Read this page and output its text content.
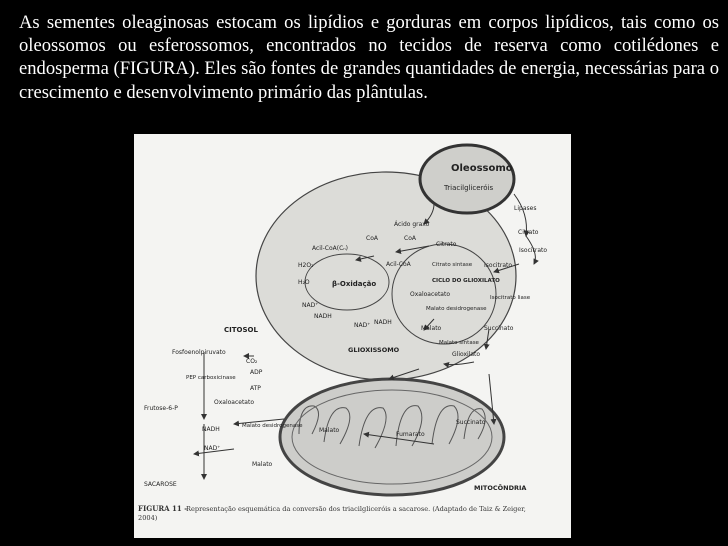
As sementes oleaginosas estocam os lipídios e gorduras em corpos lipídicos, tais como os oleossomos ou esferossomos, encontrados no tecidos de reserva como cotilédones e endosperma (FIGURA). Eles são fontes de grandes quantidades de energia, necessárias para o crescimento e desenvolvimento primário das plântulas.

Oleossomo
Triacilgliceróis
Lipases
Citrato
Ácido graxo
CoA	CoA
Citrato
Acil-CoA(Cₙ)	Isocitrato
H2O₂
H₂O	β-Oxidação
Acil-CoA	Citrato sintase
CICLO DO GLIOXILATO
Isocitrato
Isocitrato liase
NAD⁺
NADH
Oxaloacetato
Malato desidrogenase
NAD⁺ NADH
CITOSOL	Malato	Succinato
Malato sintase
GLIOXISSOMO
Glioxilato
Fosfoenolpiruvato
CO₂
PEP carboxicinase
ADP
ATP
Frutose-6-P
Oxaloacetato
NADH	Malato desidrogenase
NAD⁺
Malato
SACAROSE
Malato
Fumarato
Succinato
MITOCÔNDRIA
FIGURA 11 -
Representação esquemática da conversão dos triacilgliceróis a sacarose. (Adaptado de Taiz & Zeiger, 2004)
